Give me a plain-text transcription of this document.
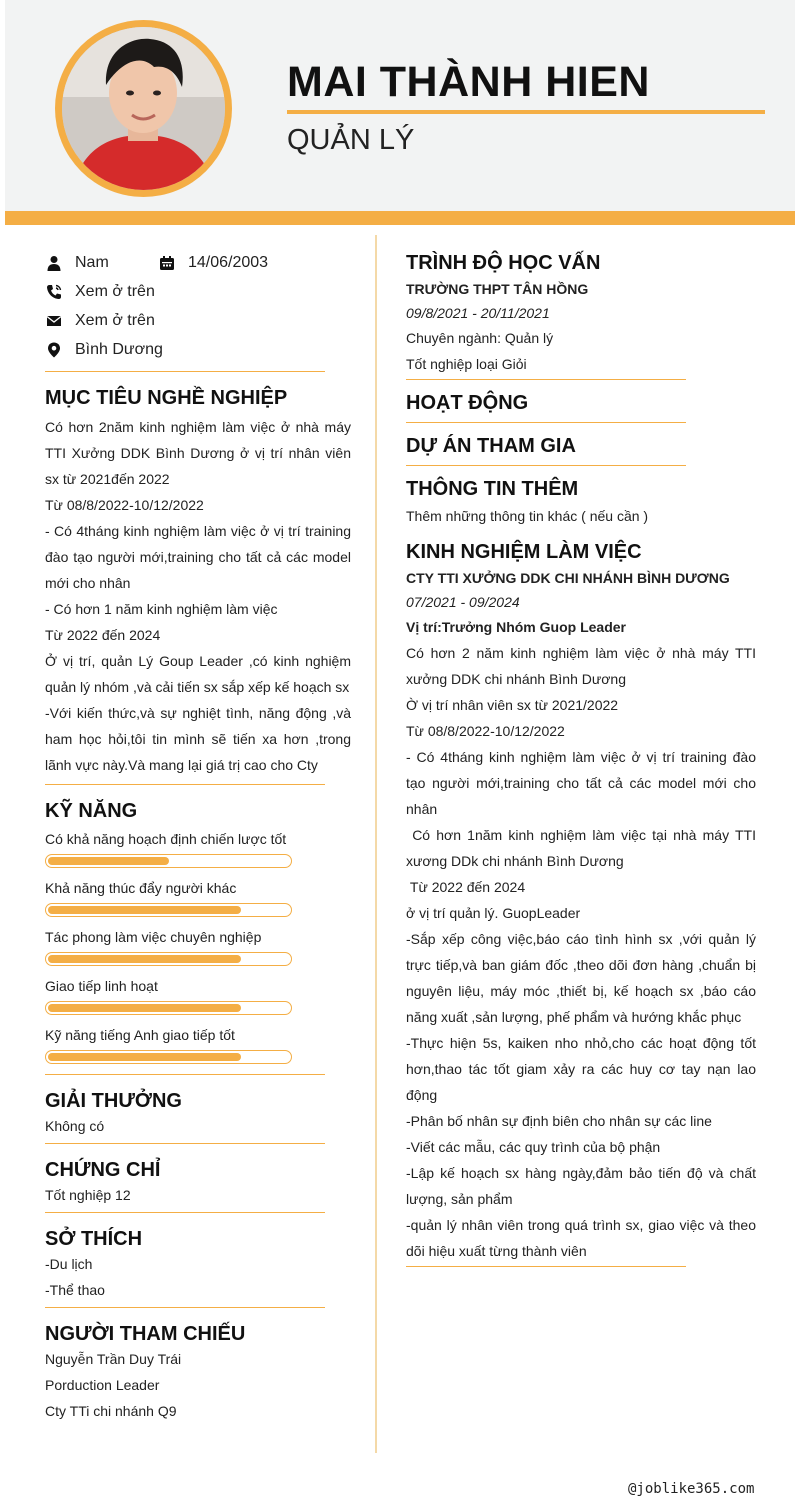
MAI THÀNH HIEN
QUẢN LÝ
Nam	14/06/2003
Xem ở trên
Xem ở trên
Bình Dương
MỤC TIÊU NGHỀ NGHIỆP
Có hơn 2năm kinh nghiệm làm việc ở nhà máy TTI Xưởng DDK Bình Dương ở vị trí nhân viên sx từ 2021đến 2022
Từ 08/8/2022-10/12/2022
- Có 4tháng kinh nghiệm làm việc ở vị trí training đào tạo người mới,training cho tất cả các model mới cho nhân
- Có hơn 1 năm kinh nghiệm làm việc
Từ 2022 đến 2024
Ở vị trí, quản Lý Goup Leader ,có kinh nghiệm quản lý nhóm ,và cải tiến sx sắp xếp kế hoạch sx
-Với kiến thức,và sự nghiệt tình, năng động ,và ham học hỏi,tôi tin mình sẽ tiến xa hơn ,trong lãnh vực này.Và mang lại giá trị cao cho Cty
KỸ NĂNG
Có khả năng hoạch định chiến lược tốt
Khả năng thúc đẩy người khác
Tác phong làm việc chuyên nghiệp
Giao tiếp linh hoạt
Kỹ năng tiếng Anh giao tiếp tốt
GIẢI THƯỞNG
Không có
CHỨNG CHỈ
Tốt nghiệp 12
SỞ THÍCH
-Du lịch
-Thể thao
NGƯỜI THAM CHIẾU
Nguyễn Trần Duy Trái
Porduction Leader
Cty TTi chi nhánh Q9
TRÌNH ĐỘ HỌC VẤN
TRƯỜNG THPT TÂN HỒNG
09/8/2021 - 20/11/2021
Chuyên ngành: Quản lý
Tốt nghiệp loại Giỏi
HOẠT ĐỘNG
DỰ ÁN THAM GIA
THÔNG TIN THÊM
Thêm những thông tin khác ( nếu cần )
KINH NGHIỆM LÀM VIỆC
CTY TTI XƯỞNG DDK CHI NHÁNH BÌNH DƯƠNG
07/2021 - 09/2024
Vị trí:Trưởng Nhóm Guop Leader
Có hơn 2 năm kinh nghiệm làm việc ở nhà máy TTI xưởng DDK chi nhánh Bình Dương
Ờ vị trí nhân viên sx từ 2021/2022
Từ 08/8/2022-10/12/2022
- Có 4tháng kinh nghiệm làm việc ở vị trí training đào tạo người mới,training cho tất cả các model mới cho nhân
Có hơn 1năm kinh nghiệm làm việc tại nhà máy TTI xương DDk chi nhánh Bình Dương
Từ 2022 đến 2024
ở vị trí quản lý. GuopLeader
-Sắp xếp công việc,báo cáo tình hình sx ,với quản lý trực tiếp,và ban giám đốc ,theo dõi đơn hàng ,chuẩn bị nguyên liệu, máy móc ,thiết bị, kế hoạch sx ,báo cáo năng xuất ,sản lượng, phế phẩm và hướng khắc phục
-Thực hiện 5s, kaiken nho nhỏ,cho các hoạt động tốt hơn,thao tác tốt giam xảy ra các huy cơ tay nạn lao động
-Phân bố nhân sự định biên cho nhân sự các line
-Viết các mẫu, các quy trình của bộ phận
-Lập kế hoạch sx hàng ngày,đảm bảo tiến độ và chất lượng, sản phẩm
-quản lý nhân viên trong quá trình sx, giao việc và theo dõi hiệu xuất từng thành viên
@joblike365.com
